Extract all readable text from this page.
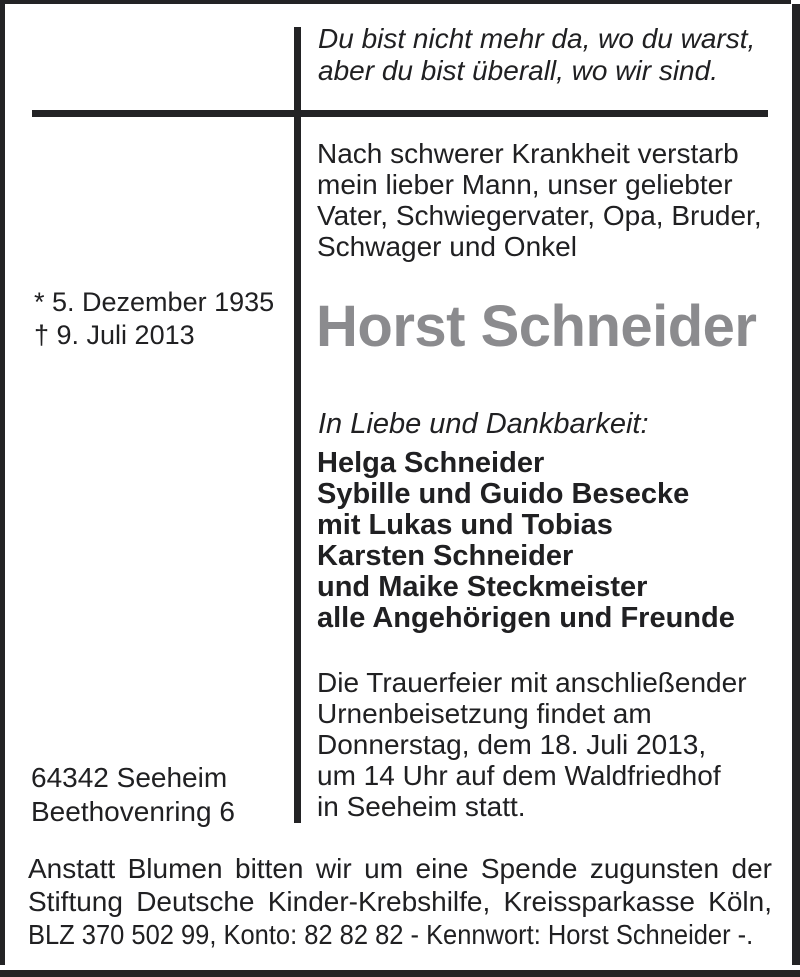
Du bist nicht mehr da, wo du warst,
aber du bist überall, wo wir sind.
Nach schwerer Krankheit verstarb
mein lieber Mann, unser geliebter
Vater, Schwiegervater, Opa, Bruder,
Schwager und Onkel
* 5. Dezember 1935
† 9. Juli 2013	Horst Schneider
In Liebe und Dankbarkeit:
Helga Schneider
Sybille und Guido Besecke
mit Lukas und Tobias
Karsten Schneider
und Maike Steckmeister
alle Angehörigen und Freunde
Die Trauerfeier mit anschließender
Urnenbeisetzung findet am
Donnerstag, dem 18. Juli 2013,
um 14 Uhr auf dem Waldfriedhof
in Seeheim statt.
64342 Seeheim
Beethovenring 6
Anstatt Blumen bitten wir um eine Spende zugunsten der
Stiftung Deutsche Kinder-Krebshilfe, Kreissparkasse Köln,
BLZ 370 502 99, Konto: 82 82 82 - Kennwort: Horst Schneider -.
